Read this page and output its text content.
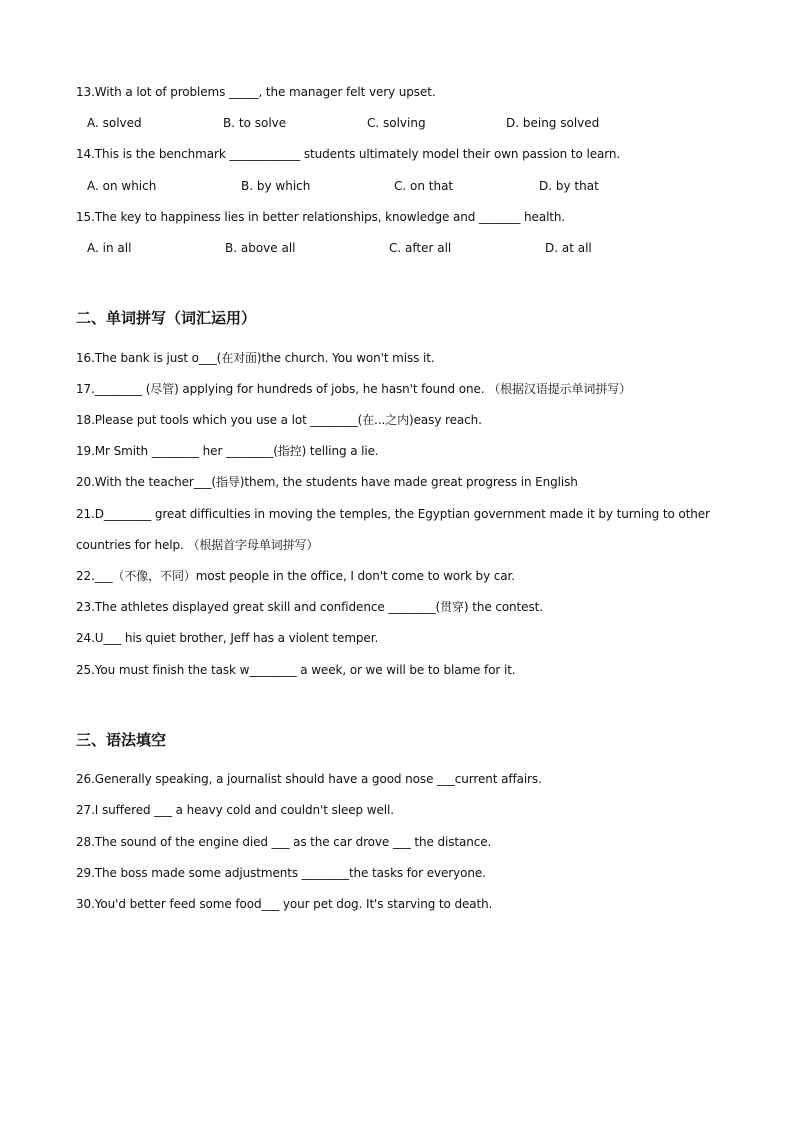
13.With a lot of problems _____, the manager felt very upset.
A. solved	B. to solve	C. solving	D. being solved
14.This is the benchmark ____________ students ultimately model their own passion to learn.
A. on which	B. by which	C. on that	D. by that
15.The key to happiness lies in better relationships, knowledge and _______ health.
A. in all	B. above all	C. after all	D. at all
二、单词拼写（词汇运用）
16.The bank is just o___(在对面)the church. You won't miss it.
17.________ (尽管) applying for hundreds of jobs, he hasn't found one. （根据汉语提示单词拼写）
18.Please put tools which you use a lot ________(在...之内)easy reach.
19.Mr Smith ________ her ________(指控) telling a lie.
20.With the teacher___(指导)them, the students have made great progress in English
21.D________ great difficulties in moving the temples, the Egyptian government made it by turning to other
countries for help. （根据首字母单词拼写）
22.___（不像，不同）most people in the office, I don't come to work by car.
23.The athletes displayed great skill and confidence ________(贯穿) the contest.
24.U___ his quiet brother, Jeff has a violent temper.
25.You must finish the task w________ a week, or we will be to blame for it.
三、语法填空
26.Generally speaking, a journalist should have a good nose ___current affairs.
27.I suffered ___ a heavy cold and couldn't sleep well.
28.The sound of the engine died ___ as the car drove ___ the distance.
29.The boss made some adjustments ________the tasks for everyone.
30.You'd better feed some food___ your pet dog. It's starving to death.
